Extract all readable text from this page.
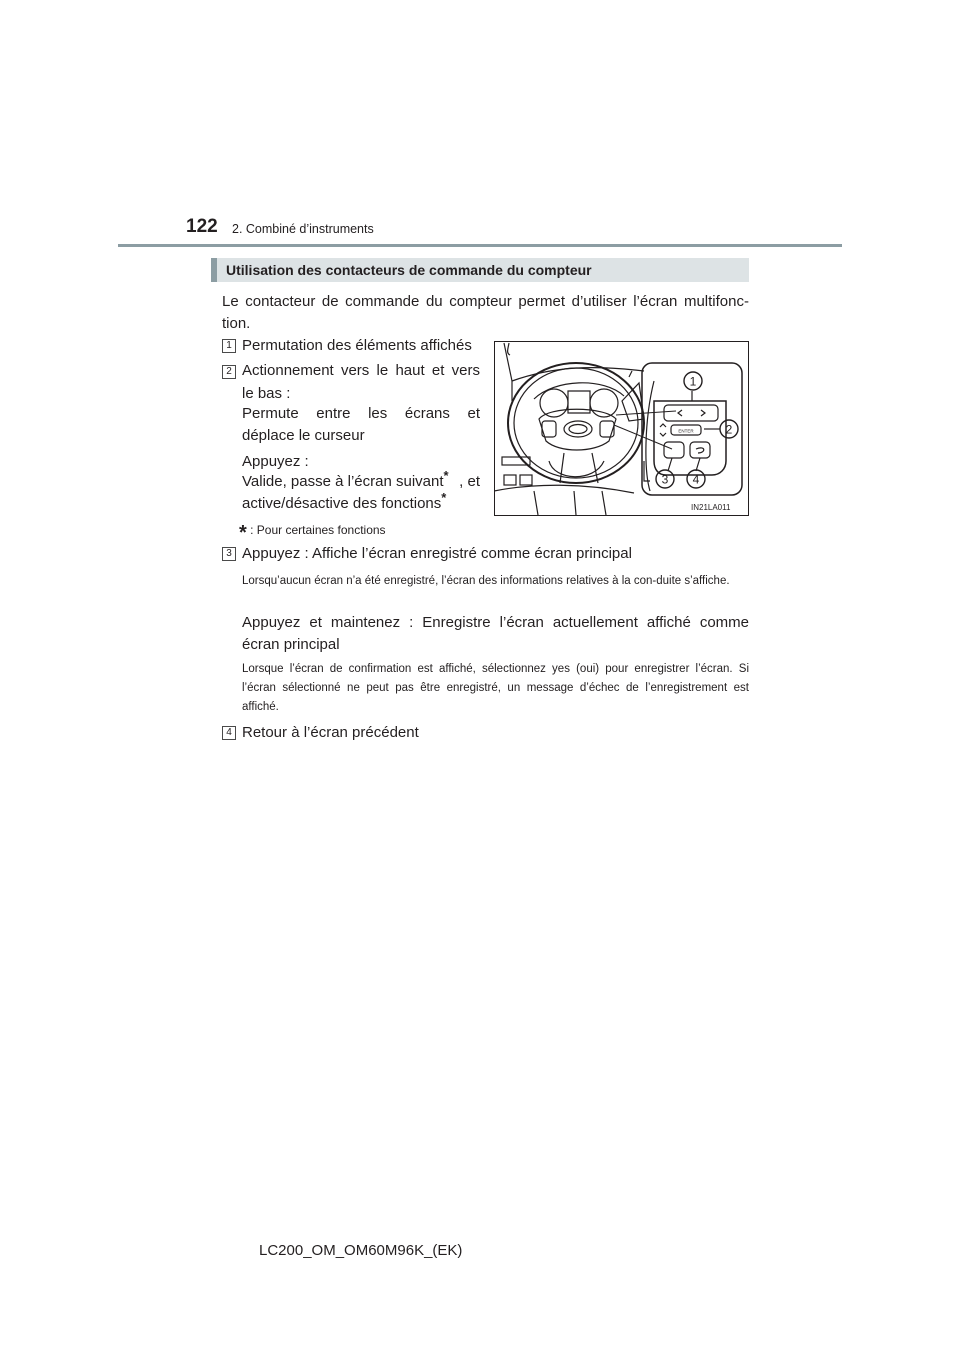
122 2. Combiné d’instruments
Utilisation des contacteurs de commande du compteur
Le contacteur de commande du compteur permet d’utiliser l’écran multifonc-tion.
1 Permutation des éléments affichés
2 Actionnement vers le haut et vers
le bas :
Permute entre les écrans et
déplace le curseur
Appuyez :
Valide, passe à l’écran suivant* , et
active/désactive des fonctions*
* : Pour certaines fonctions
ENTER
1
2
3 4
IN21LA011
3 Appuyez : Affiche l’écran enregistré comme écran principal
Lorsqu’aucun écran n’a été enregistré, l’écran des informations relatives à la con-duite s’affiche.
Appuyez et maintenez : Enregistre l’écran actuellement affiché comme écran principal
Lorsque l’écran de confirmation est affiché, sélectionnez yes (oui) pour enregistrer l’écran. Si l’écran sélectionné ne peut pas être enregistré, un message d’échec de l’enregistrement est affiché.
4 Retour à l’écran précédent
LC200_OM_OM60M96K_(EK)
